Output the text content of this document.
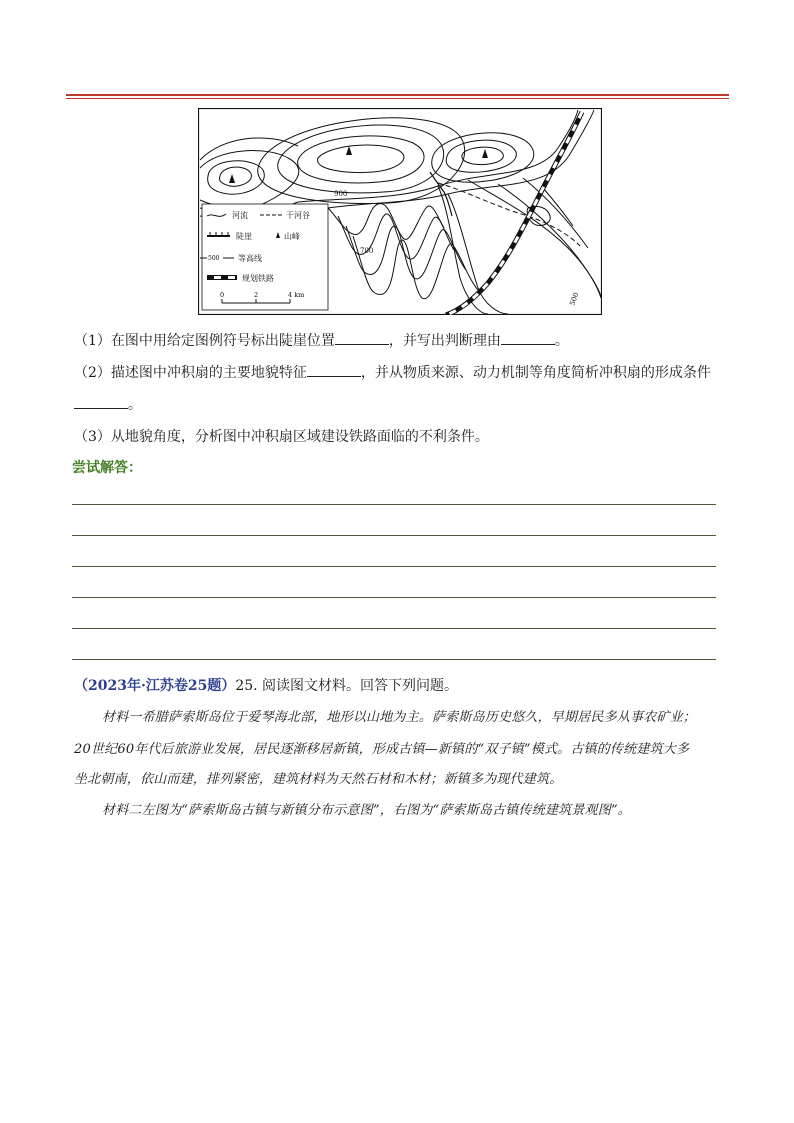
900
700
500
河流	干河谷
陡崖	山峰
500 等高线
规划铁路
0	2	4 km
（1）在图中用给定图例符号标出陡崖位置	，并写出判断理由	。
（2）描述图中冲积扇的主要地貌特征	，并从物质来源、动力机制等角度简析冲积扇的形成条件
。
（3）从地貌角度，分析图中冲积扇区域建设铁路面临的不利条件。
尝试解答：
（2023年·江苏卷25题）25. 阅读图文材料。回答下列问题。
材料一希腊萨索斯岛位于爱琴海北部，地形以山地为主。萨索斯岛历史悠久，早期居民多从事农矿业；
20世纪60年代后旅游业发展，居民逐渐移居新镇，形成古镇—新镇的“双子镇”模式。古镇的传统建筑大多
坐北朝南，依山而建，排列紧密，建筑材料为天然石材和木材；新镇多为现代建筑。
材料二左图为“萨索斯岛古镇与新镇分布示意图”，右图为“萨索斯岛古镇传统建筑景观图”。
